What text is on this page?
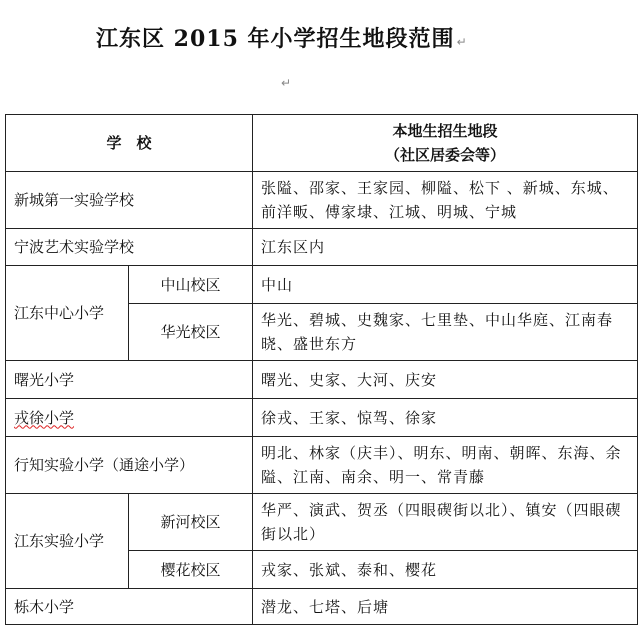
江东区 2015 年小学招生地段范围 ↵
↵
学　校		本地生招生地段
（社区居委会等）

新城第一实验学校		张隘、邵家、王家园、柳隘、松下 、新城、东城、前洋畈、傅家埭、江城、明城、宁城
宁波艺术实验学校		江东区内
江东中心小学	中山校区	中山
	华光校区	华光、碧城、史魏家、七里垫、中山华庭、江南春晓、盛世东方
曙光小学		曙光、史家、大河、庆安
戎徐小学		徐戎、王家、惊驾、徐家
行知实验小学（通途小学）		明北、林家（庆丰）、明东、明南、朝晖、东海、余隘、江南、南余、明一、常青藤
江东实验小学	新河校区	华严、演武、贺丞（四眼碶街以北）、镇安（四眼碶街以北）
	樱花校区	戎家、张斌、泰和、樱花
栎木小学		潜龙、七塔、后塘
